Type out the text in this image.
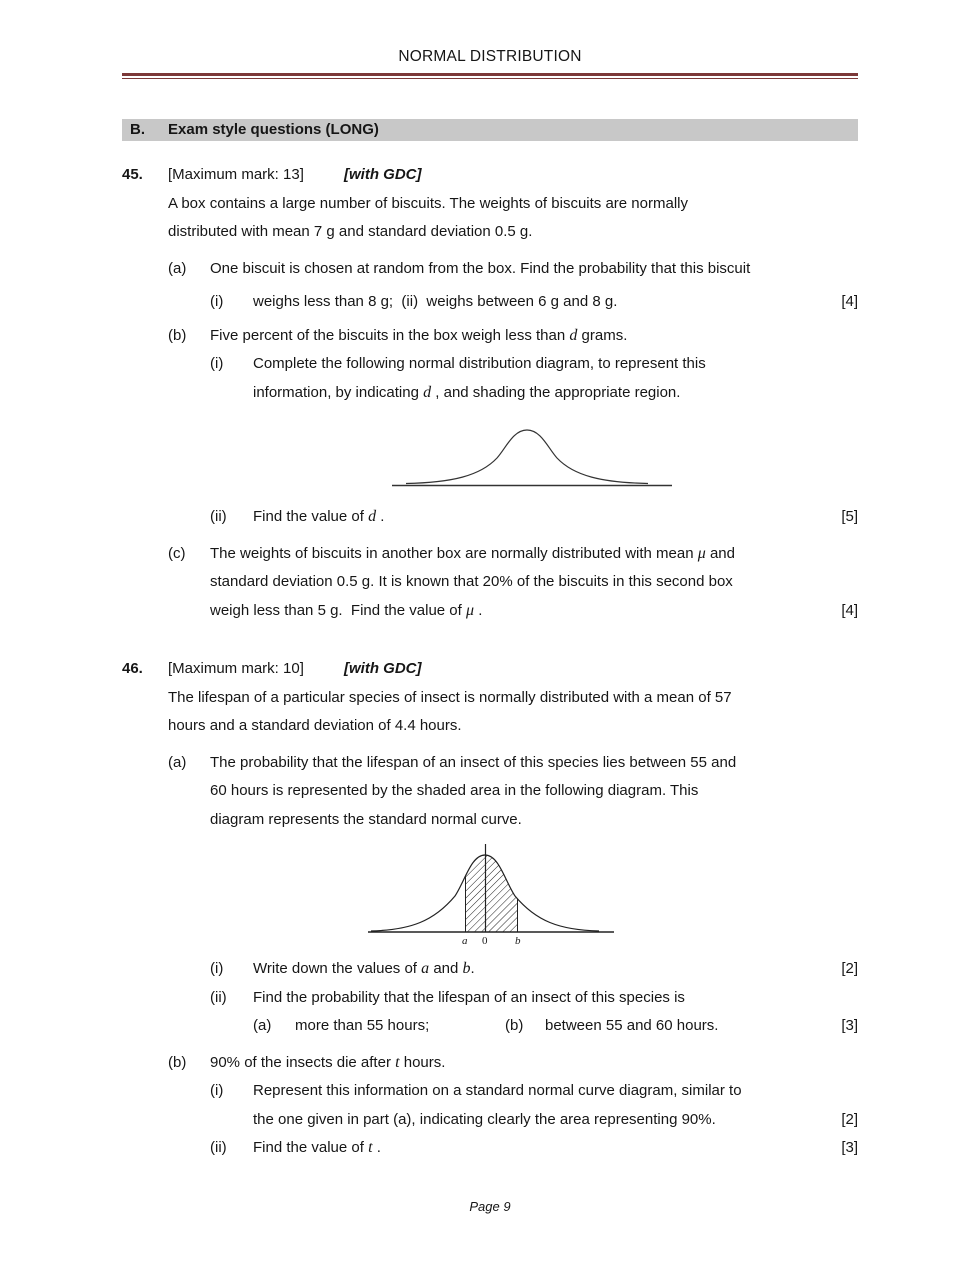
NORMAL DISTRIBUTION
B.	Exam style questions (LONG)
45.	[Maximum mark: 13]	[with GDC]
A box contains a large number of biscuits. The weights of biscuits are normally
distributed with mean 7 g and standard deviation 0.5 g.
(a)	One biscuit is chosen at random from the box. Find the probability that this biscuit
(i)	weighs less than 8 g;  (ii)  weighs between 6 g and 8 g.	[4]
(b)	Five percent of the biscuits in the box weigh less than d grams.
(i)	Complete the following normal distribution diagram, to represent this
information, by indicating d , and shading the appropriate region.
(ii)	Find the value of d .	[5]
(c)	The weights of biscuits in another box are normally distributed with mean μ and
standard deviation 0.5 g. It is known that 20% of the biscuits in this second box
weigh less than 5 g.  Find the value of μ .	[4]
46.	[Maximum mark: 10]	[with GDC]
The lifespan of a particular species of insect is normally distributed with a mean of 57
hours and a standard deviation of 4.4 hours.
(a)	The probability that the lifespan of an insect of this species lies between 55 and
60 hours is represented by the shaded area in the following diagram. This
diagram represents the standard normal curve.
a 0	b
(i)	Write down the values of a and b.	[2]
(ii)	Find the probability that the lifespan of an insect of this species is
(a)	more than 55 hours;	(b)	between 55 and 60 hours.	[3]
(b)	90% of the insects die after t hours.
(i)	Represent this information on a standard normal curve diagram, similar to
the one given in part (a), indicating clearly the area representing 90%.	[2]
(ii)	Find the value of t .	[3]
Page 9
